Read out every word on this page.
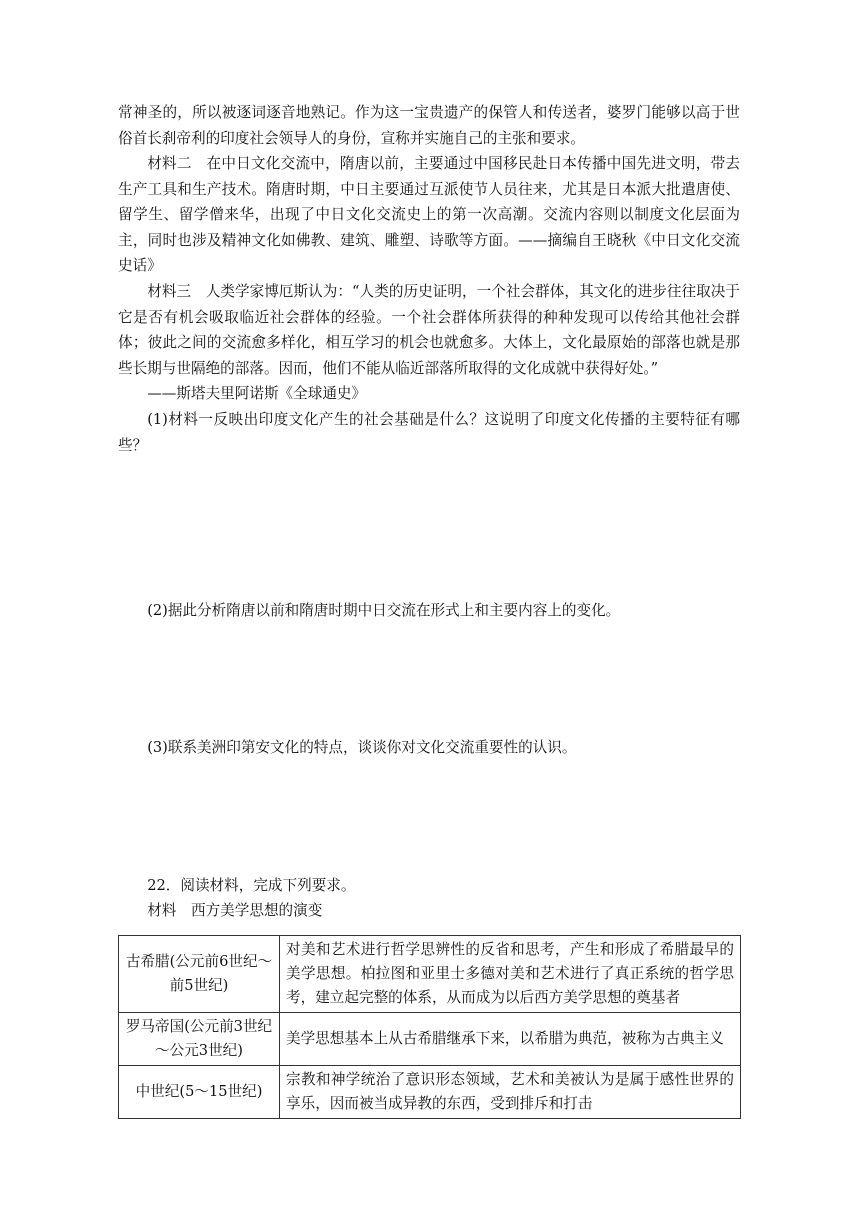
常神圣的，所以被逐词逐音地熟记。作为这一宝贵遗产的保管人和传送者，婆罗门能够以高于世俗首长刹帝利的印度社会领导人的身份，宣称并实施自己的主张和要求。

材料二　在中日文化交流中，隋唐以前，主要通过中国移民赴日本传播中国先进文明，带去生产工具和生产技术。隋唐时期，中日主要通过互派使节人员往来，尤其是日本派大批遣唐使、留学生、留学僧来华，出现了中日文化交流史上的第一次高潮。交流内容则以制度文化层面为主，同时也涉及精神文化如佛教、建筑、雕塑、诗歌等方面。——摘编自王晓秋《中日文化交流史话》

材料三　人类学家博厄斯认为：“人类的历史证明，一个社会群体，其文化的进步往往取决于它是否有机会吸取临近社会群体的经验。一个社会群体所获得的种种发现可以传给其他社会群体；彼此之间的交流愈多样化，相互学习的机会也就愈多。大体上，文化最原始的部落也就是那些长期与世隔绝的部落。因而，他们不能从临近部落所取得的文化成就中获得好处。”

——斯塔夫里阿诺斯《全球通史》

(1)材料一反映出印度文化产生的社会基础是什么？这说明了印度文化传播的主要特征有哪些？

(2)据此分析隋唐以前和隋唐时期中日交流在形式上和主要内容上的变化。

(3)联系美洲印第安文化的特点，谈谈你对文化交流重要性的认识。

22．阅读材料，完成下列要求。

材料　西方美学思想的演变

古希腊(公元前6世纪～前5世纪)	对美和艺术进行哲学思辨性的反省和思考，产生和形成了希腊最早的美学思想。柏拉图和亚里士多德对美和艺术进行了真正系统的哲学思考，建立起完整的体系，从而成为以后西方美学思想的奠基者
罗马帝国(公元前3世纪～公元3世纪)	美学思想基本上从古希腊继承下来，以希腊为典范，被称为古典主义
中世纪(5～15世纪)	宗教和神学统治了意识形态领域，艺术和美被认为是属于感性世界的享乐，因而被当成异教的东西，受到排斥和打击
